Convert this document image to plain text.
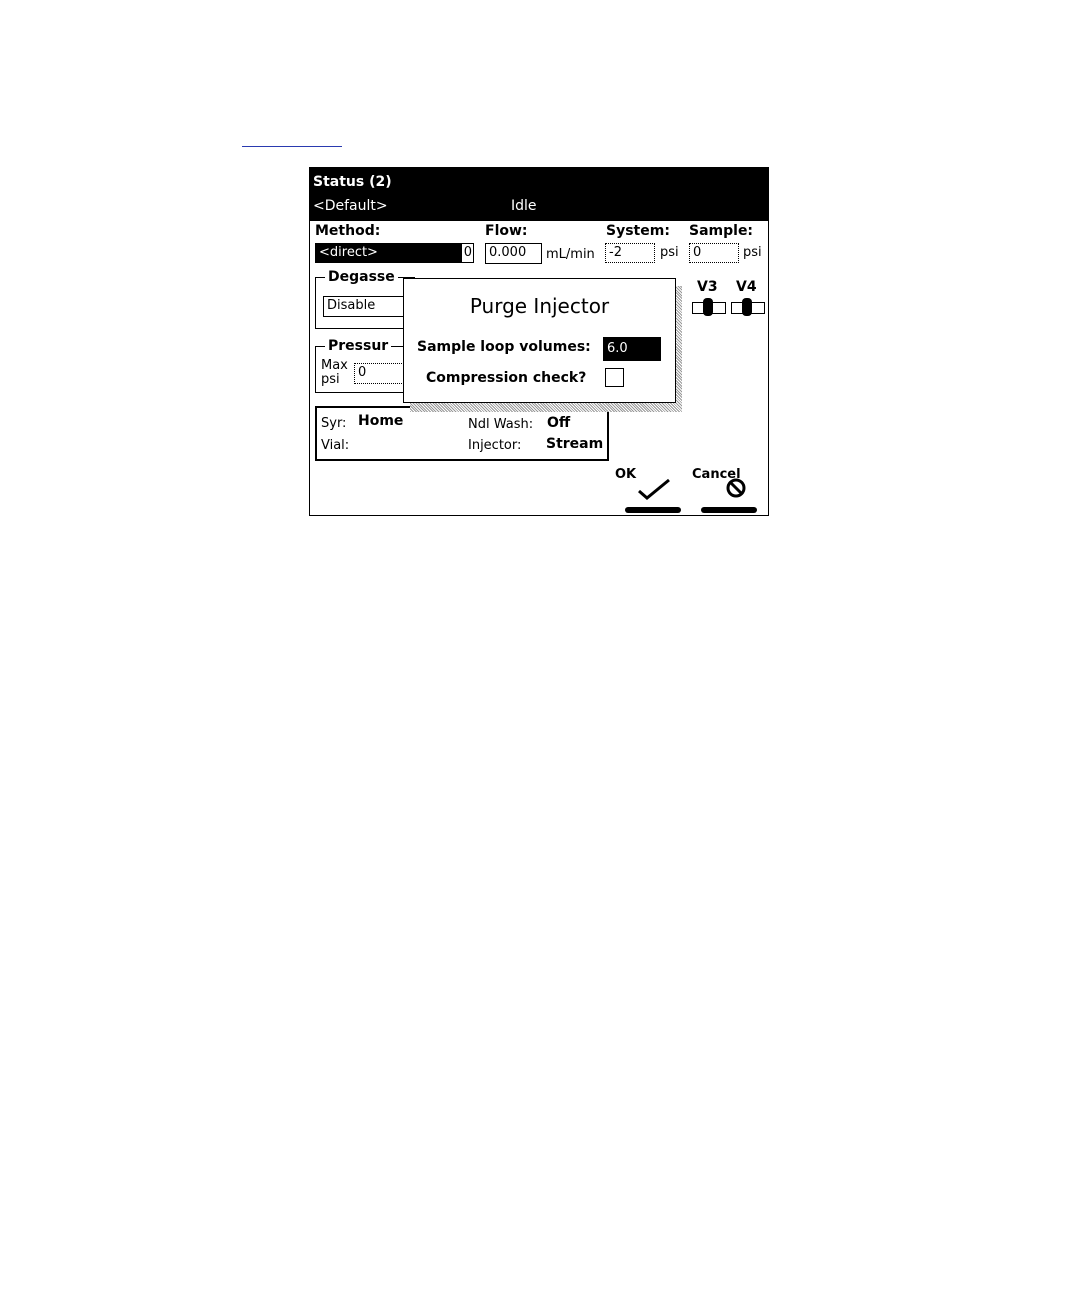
Status (2)
<Default>	Idle
Method:
<direct>	0
Flow:
0.000	mL/min
System:
-2	psi
Sample:
0	psi
Degasse
Disable
Pressur
Max
psi	0
V3 V4
Syr: Home
Vial:
Ndl Wash: Off
Injector: Stream
OK	Cancel
Purge Injector
Sample loop volumes:	6.0
Compression check?
